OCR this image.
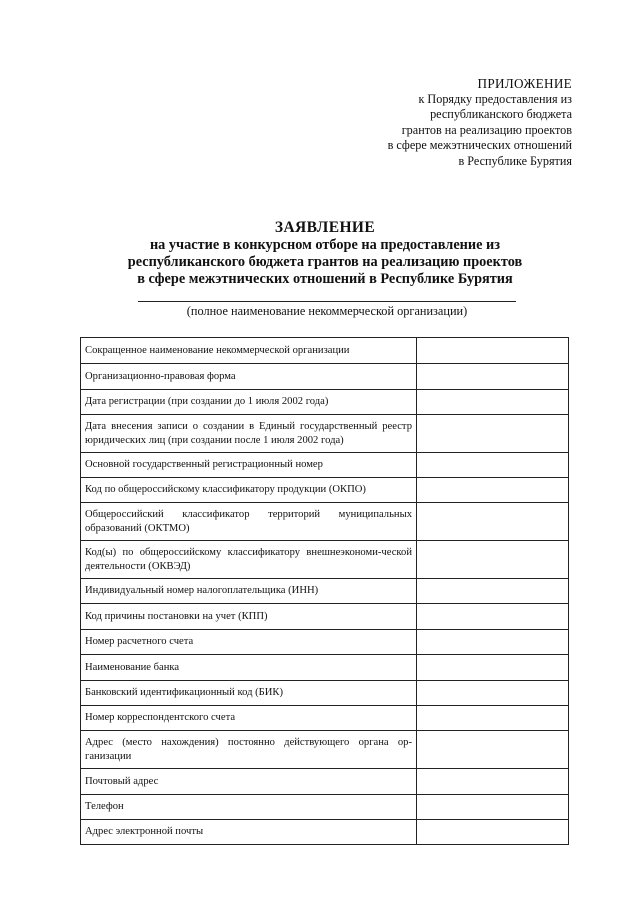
ПРИЛОЖЕНИЕ
к Порядку предоставления из
республиканского бюджета
грантов на реализацию проектов
в сфере межэтнических отношений
в Республике Бурятия
ЗАЯВЛЕНИЕ
на участие в конкурсном отборе на предоставление из
республиканского бюджета грантов на реализацию проектов
в сфере межэтнических отношений в Республике Бурятия
(полное наименование некоммерческой организации)
Сокращенное наименование некоммерческой организации	
Организационно-правовая форма	
Дата регистрации (при создании до 1 июля 2002 года)	
Дата внесения записи о создании в Единый государственный реестр юридических лиц (при создании после 1 июля 2002 года)	
Основной государственный регистрационный номер	
Код по общероссийскому классификатору продукции (ОКПО)	
Общероссийский классификатор территорий муниципальных образований (ОКТМО)	
Код(ы) по общероссийскому классификатору внешнеэкономи-ческой деятельности (ОКВЭД)	
Индивидуальный номер налогоплательщика (ИНН)	
Код причины постановки на учет (КПП)	
Номер расчетного счета	
Наименование банка	
Банковский идентификационный код (БИК)	
Номер корреспондентского счета	
Адрес (место нахождения) постоянно действующего органа ор-ганизации	
Почтовый адрес	
Телефон	
Адрес электронной почты	
